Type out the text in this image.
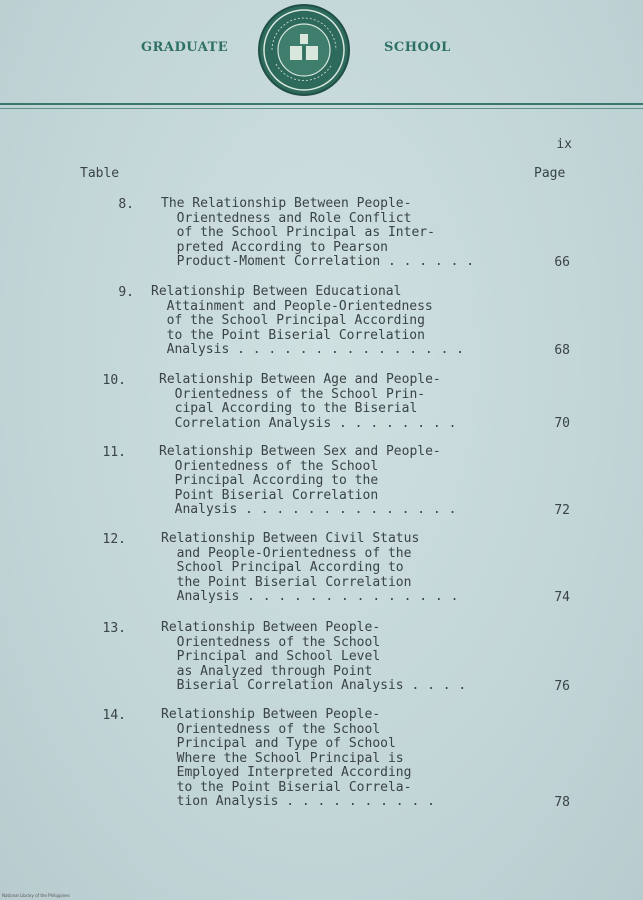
GRADUATE	SCHOOL
ix
Table	Page
8. The Relationship Between People-
Orientedness and Role Conflict
of the School Principal as Inter-
preted According to Pearson
Product-Moment Correlation . . . . . .	66
9. Relationship Between Educational
Attainment and People-Orientedness
of the School Principal According
to the Point Biserial Correlation
Analysis . . . . . . . . . . . . . . .	68
10.	Relationship Between Age and People-
Orientedness of the School Prin-
cipal According to the Biserial
Correlation Analysis . . . . . . . .	70
11.	Relationship Between Sex and People-
Orientedness of the School
Principal According to the
Point Biserial Correlation
Analysis . . . . . . . . . . . . . .	72
12.	Relationship Between Civil Status
and People-Orientedness of the
School Principal According to
the Point Biserial Correlation
Analysis . . . . . . . . . . . . . .	74
13.	Relationship Between People-
Orientedness of the School
Principal and School Level
as Analyzed through Point
Biserial Correlation Analysis . . . .	76
14.	Relationship Between People-
Orientedness of the School
Principal and Type of School
Where the School Principal is
Employed Interpreted According
to the Point Biserial Correla-
tion Analysis . . . . . . . . . .	78
National Library of the Philippines
